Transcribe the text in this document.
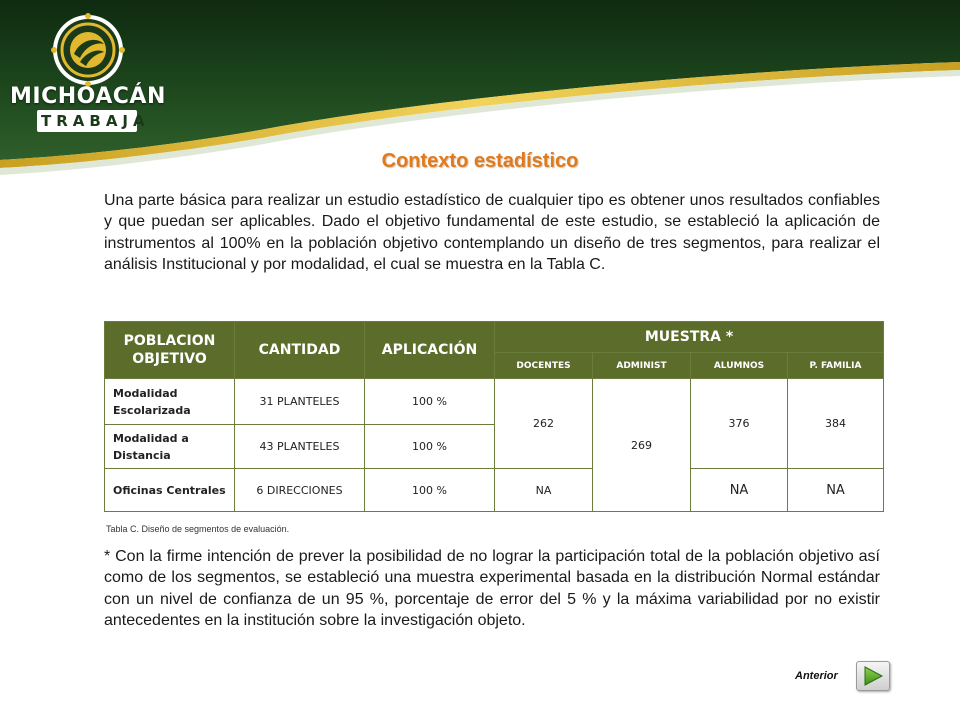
MICHOACÁN
TRABAJA
Contexto estadístico

Una parte básica para realizar un estudio estadístico de cualquier tipo es obtener unos resultados confiables y que puedan ser aplicables. Dado el objetivo fundamental de este estudio, se estableció la aplicación de instrumentos al 100% en la población objetivo contemplando un diseño de tres segmentos, para realizar el análisis Institucional y por modalidad, el cual se muestra en la Tabla C.

POBLACION OBJETIVO	CANTIDAD	APLICACIÓN	MUESTRA *			
			DOCENTES	ADMINIST	ALUMNOS	P. FAMILIA
Modalidad Escolarizada	31 PLANTELES	100 %	262	269	376	384
Modalidad a Distancia	43 PLANTELES	100 %				
Oficinas Centrales	6 DIRECCIONES	100 %	NA		NA	NA
Tabla C. Diseño de segmentos de evaluación.

* Con la firme intención de prever la posibilidad de no lograr la participación total de la población objetivo así como de los segmentos, se estableció una muestra experimental basada en la distribución Normal estándar con un nivel de confianza de un 95 %, porcentaje de error del 5 % y la máxima variabilidad por no existir antecedentes en la institución sobre la investigación objeto.

Anterior
